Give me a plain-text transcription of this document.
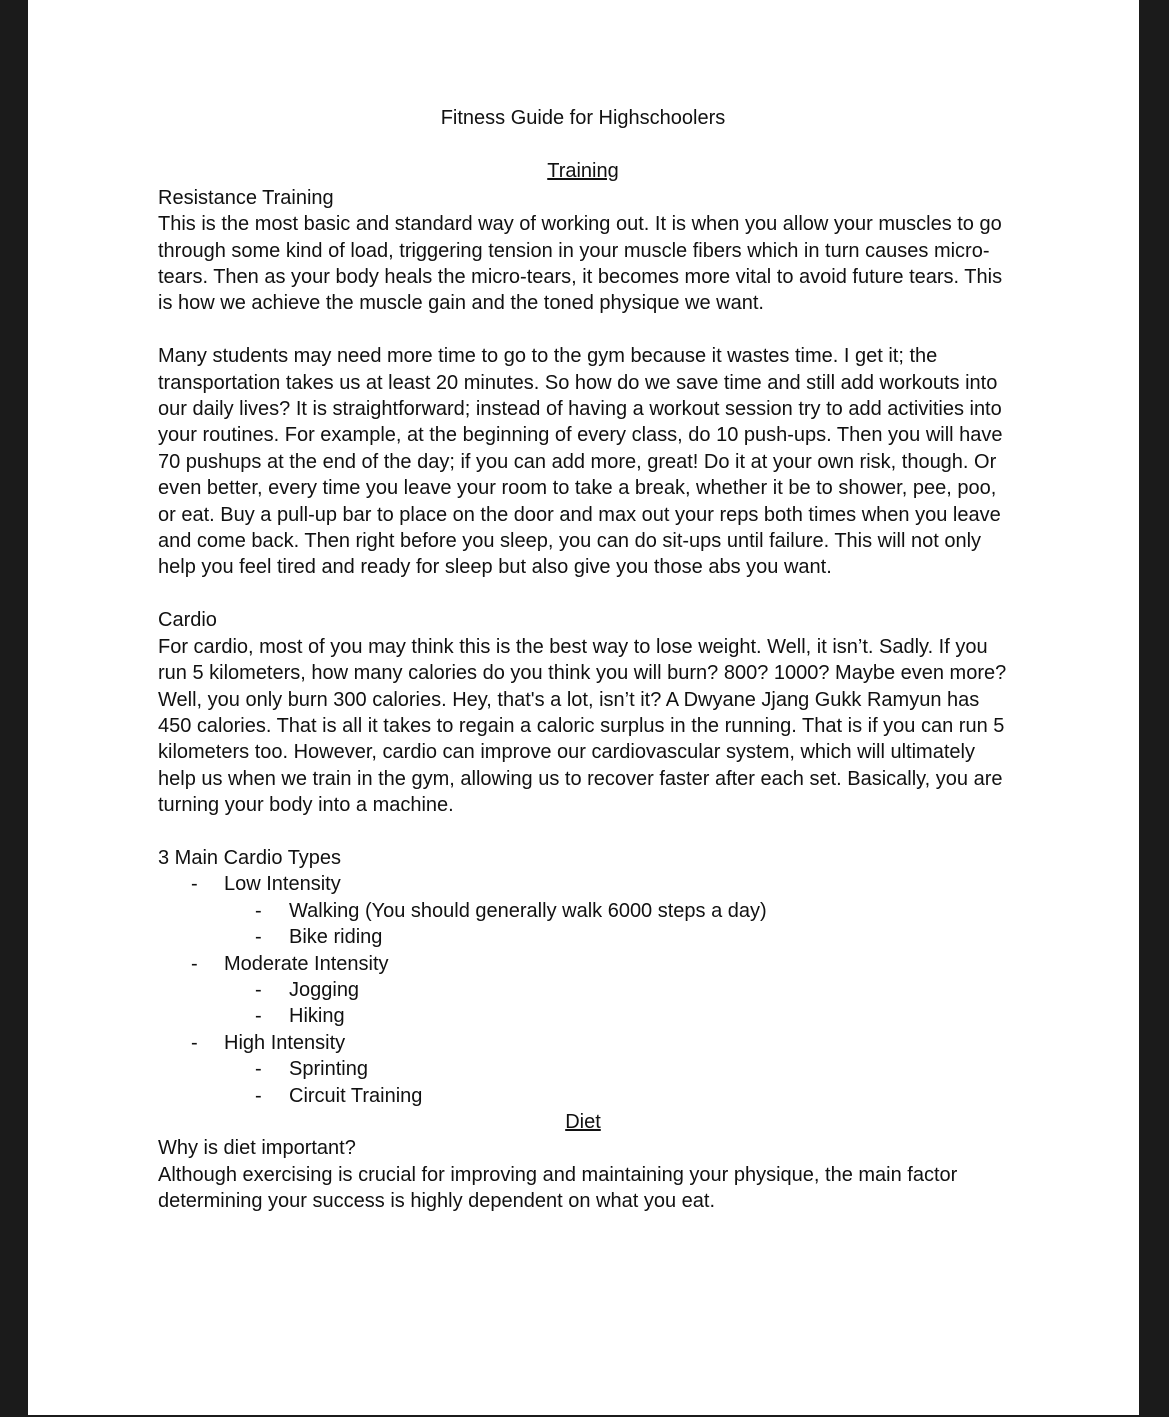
Fitness Guide for Highschoolers

Training

Resistance Training

This is the most basic and standard way of working out. It is when you allow your muscles to go through some kind of load, triggering tension in your muscle fibers which in turn causes micro-tears. Then as your body heals the micro-tears, it becomes more vital to avoid future tears. This is how we achieve the muscle gain and the toned physique we want.

Many students may need more time to go to the gym because it wastes time. I get it; the transportation takes us at least 20 minutes. So how do we save time and still add workouts into our daily lives? It is straightforward; instead of having a workout session try to add activities into your routines. For example, at the beginning of every class, do 10 push-ups. Then you will have 70 pushups at the end of the day; if you can add more, great! Do it at your own risk, though. Or even better, every time you leave your room to take a break, whether it be to shower, pee, poo, or eat. Buy a pull-up bar to place on the door and max out your reps both times when you leave and come back. Then right before you sleep, you can do sit-ups until failure. This will not only help you feel tired and ready for sleep but also give you those abs you want.

Cardio

For cardio, most of you may think this is the best way to lose weight. Well, it isn’t. Sadly. If you run 5 kilometers, how many calories do you think you will burn? 800? 1000? Maybe even more? Well, you only burn 300 calories. Hey, that's a lot, isn’t it? A Dwyane Jjang Gukk Ramyun has 450 calories. That is all it takes to regain a caloric surplus in the running. That is if you can run 5 kilometers too. However, cardio can improve our cardiovascular system, which will ultimately help us when we train in the gym, allowing us to recover faster after each set. Basically, you are turning your body into a machine.

3 Main Cardio Types

- Low Intensity
- Walking (You should generally walk 6000 steps a day)
- Bike riding
- Moderate Intensity
- Jogging
- Hiking
- High Intensity
- Sprinting
- Circuit Training

Diet

Why is diet important?

Although exercising is crucial for improving and maintaining your physique, the main factor determining your success is highly dependent on what you eat.
